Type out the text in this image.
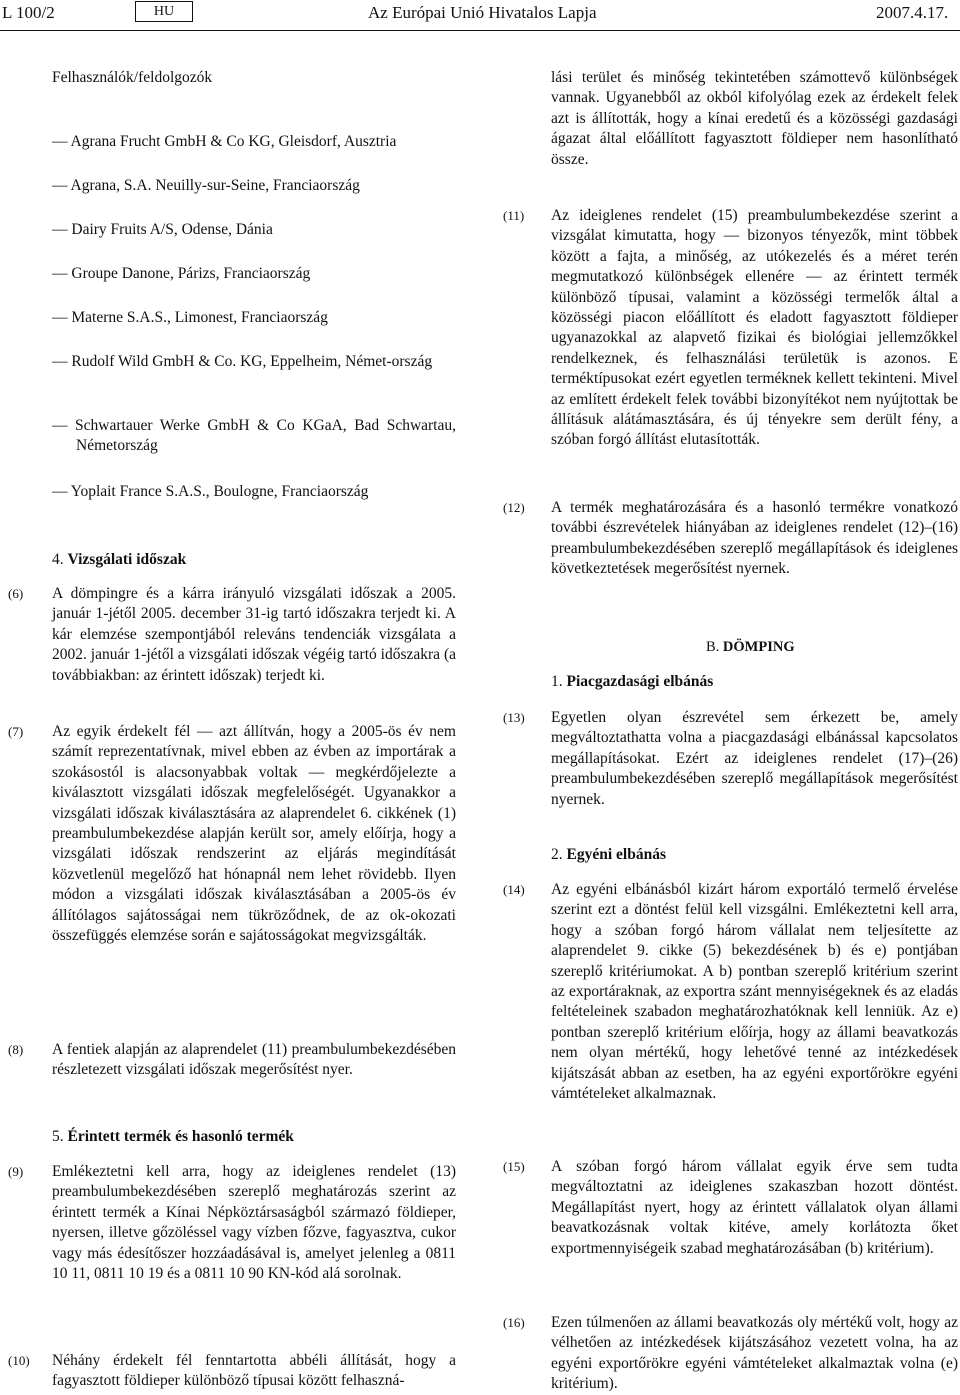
L 100/2	HU	Az Európai Unió Hivatalos Lapja	2007.4.17.
Felhasználók/feldolgozók
— Agrana Frucht GmbH & Co KG, Gleisdorf, Ausztria
— Agrana, S.A. Neuilly-sur-Seine, Franciaország
— Dairy Fruits A/S, Odense, Dánia
— Groupe Danone, Párizs, Franciaország
— Materne S.A.S., Limonest, Franciaország
— Rudolf Wild GmbH & Co. KG, Eppelheim, Német-ország
— Schwartauer Werke GmbH & Co KGaA, Bad Schwartau, Németország
— Yoplait France S.A.S., Boulogne, Franciaország
4. Vizsgálati időszak
(6) A dömpingre és a kárra irányuló vizsgálati időszak a 2005. január 1-jétől 2005. december 31-ig tartó időszakra terjedt ki. A kár elemzése szempontjából releváns tendenciák vizsgálata a 2002. január 1-jétől a vizsgálati időszak végéig tartó időszakra (a továbbiakban: az érintett időszak) terjedt ki.
(7) Az egyik érdekelt fél — azt állítván, hogy a 2005-ös év nem számít reprezentatívnak, mivel ebben az évben az importárak a szokásostól is alacsonyabbak voltak — megkérdőjelezte a kiválasztott vizsgálati időszak megfelelőségét. Ugyanakkor a vizsgálati időszak kiválasztására az alaprendelet 6. cikkének (1) preambulumbekezdése alapján került sor, amely előírja, hogy a vizsgálati időszak rendszerint az eljárás megindítását közvetlenül megelőző hat hónapnál nem lehet rövidebb. Ilyen módon a vizsgálati időszak kiválasztásában a 2005-ös év állítólagos sajátosságai nem tükröződnek, de az ok-okozati összefüggés elemzése során e sajátosságokat megvizsgálták.
(8) A fentiek alapján az alaprendelet (11) preambulumbekezdésében részletezett vizsgálati időszak megerősítést nyer.
5. Érintett termék és hasonló termék
(9) Emlékeztetni kell arra, hogy az ideiglenes rendelet (13) preambulumbekezdésében szereplő meghatározás szerint az érintett termék a Kínai Népköztársaságból származó földieper, nyersen, illetve gőzöléssel vagy vízben főzve, fagyasztva, cukor vagy más édesítőszer hozzáadásával is, amelyet jelenleg a 0811 10 11, 0811 10 19 és a 0811 10 90 KN-kód alá sorolnak.
(10) Néhány érdekelt fél fenntartotta abbéli állítását, hogy a fagyasztott földieper különböző típusai között felhaszná-
lási terület és minőség tekintetében számottevő különbségek vannak. Ugyanebből az okból kifolyólag ezek az érdekelt felek azt is állították, hogy a kínai eredetű és a közösségi gazdasági ágazat által előállított fagyasztott földieper nem hasonlítható össze.
(11) Az ideiglenes rendelet (15) preambulumbekezdése szerint a vizsgálat kimutatta, hogy — bizonyos tényezők, mint többek között a fajta, a minőség, az utókezelés és a méret terén megmutatkozó különbségek ellenére — az érintett termék különböző típusai, valamint a közösségi termelők által a közösségi piacon előállított és eladott fagyasztott földieper ugyanazokkal az alapvető fizikai és biológiai jellemzőkkel rendelkeznek, és felhasználási területük is azonos. E terméktípusokat ezért egyetlen terméknek kellett tekinteni. Mivel az említett érdekelt felek további bizonyítékot nem nyújtottak be állításuk alátámasztására, és új tényekre sem derült fény, a szóban forgó állítást elutasították.
(12) A termék meghatározására és a hasonló termékre vonatkozó további észrevételek hiányában az ideiglenes rendelet (12)–(16) preambulumbekezdésében szereplő megállapítások és ideiglenes következtetések megerősítést nyernek.
B. DÖMPING
1. Piacgazdasági elbánás
(13) Egyetlen olyan észrevétel sem érkezett be, amely megváltoztathatta volna a piacgazdasági elbánással kapcsolatos megállapításokat. Ezért az ideiglenes rendelet (17)–(26) preambulumbekezdésében szereplő megállapítások megerősítést nyernek.
2. Egyéni elbánás
(14) Az egyéni elbánásból kizárt három exportáló termelő érvelése szerint ezt a döntést felül kell vizsgálni. Emlékeztetni kell arra, hogy a szóban forgó három vállalat nem teljesítette az alaprendelet 9. cikke (5) bekezdésének b) és e) pontjában szereplő kritériumokat. A b) pontban szereplő kritérium szerint az exportáraknak, az exportra szánt mennyiségeknek és az eladás feltételeinek szabadon meghatározhatóknak kell lenniük. Az e) pontban szereplő kritérium előírja, hogy az állami beavatkozás nem olyan mértékű, hogy lehetővé tenné az intézkedések kijátszását abban az esetben, ha az egyéni exportőrökre egyéni vámtételeket alkalmaznak.
(15) A szóban forgó három vállalat egyik érve sem tudta megváltoztatni az ideiglenes szakaszban hozott döntést. Megállapítást nyert, hogy az érintett vállalatok olyan állami beavatkozásnak voltak kitéve, amely korlátozta őket exportmennyiségeik szabad meghatározásában (b) kritérium).
(16) Ezen túlmenően az állami beavatkozás oly mértékű volt, hogy az vélhetően az intézkedések kijátszásához vezetett volna, ha az egyéni exportőrökre egyéni vámtételeket alkalmaztak volna (e) kritérium).
